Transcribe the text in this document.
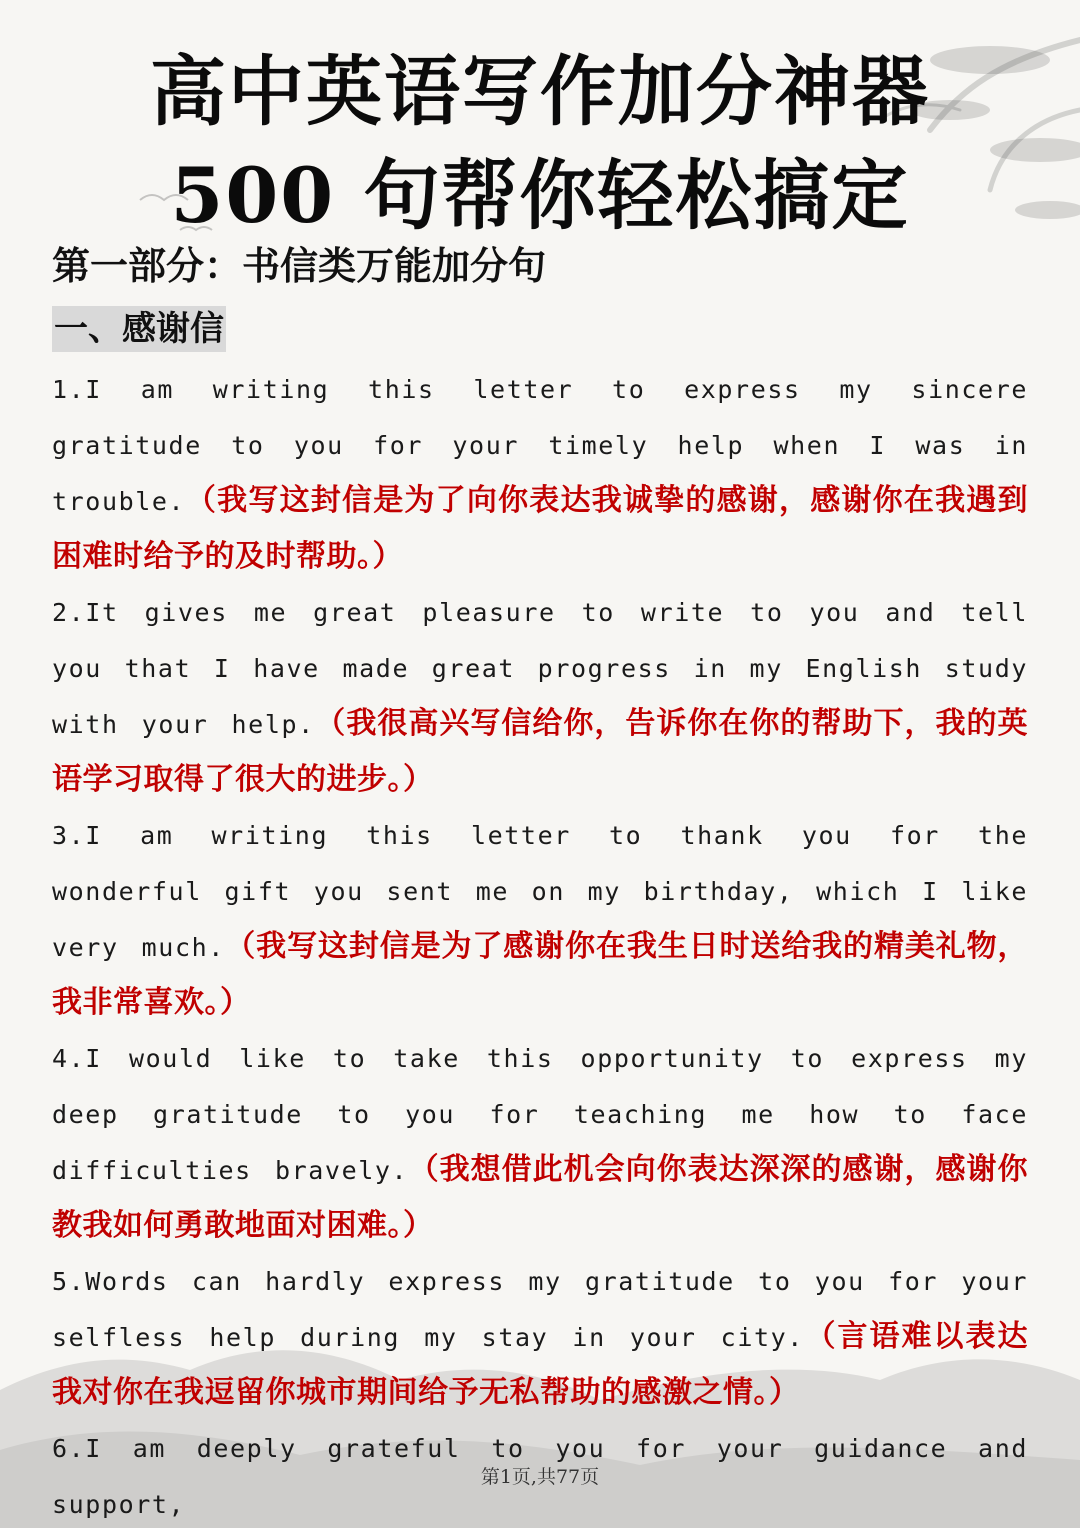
高中英语写作加分神器
500 句帮你轻松搞定
第一部分：书信类万能加分句
一、感谢信

1.I am writing this letter to express my sincere gratitude to you for your timely help when I was in trouble.（我写这封信是为了向你表达我诚挚的感谢，感谢你在我遇到困难时给予的及时帮助。）

2.It gives me great pleasure to write to you and tell you that I have made great progress in my English study with your help.（我很高兴写信给你，告诉你在你的帮助下，我的英语学习取得了很大的进步。）

3.I am writing this letter to thank you for the wonderful gift you sent me on my birthday, which I like very much.（我写这封信是为了感谢你在我生日时送给我的精美礼物，我非常喜欢。）

4.I would like to take this opportunity to express my deep gratitude to you for teaching me how to face difficulties bravely.（我想借此机会向你表达深深的感谢，感谢你教我如何勇敢地面对困难。）

5.Words can hardly express my gratitude to you for your selfless help during my stay in your city.（言语难以表达我对你在我逗留你城市期间给予无私帮助的感激之情。）

6.I am deeply grateful to you for your guidance and support,

第1页,共77页
